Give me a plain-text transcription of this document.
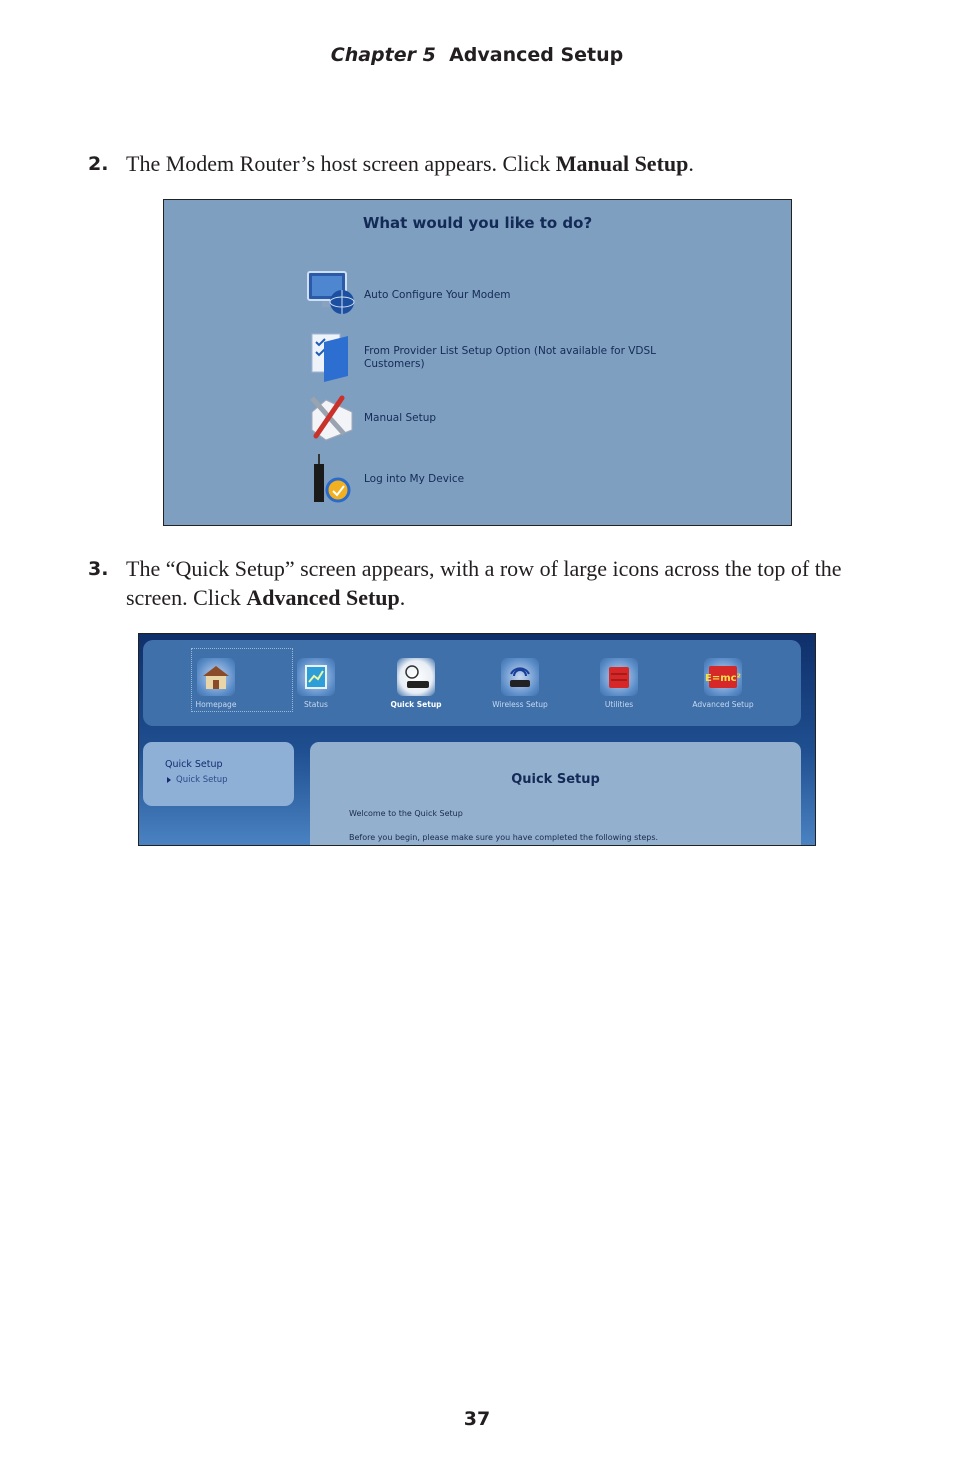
Chapter 5 Advanced Setup
2. The Modem Router’s host screen appears. Click Manual Setup.
What would you like to do?
Auto Configure Your Modem
From Provider List Setup Option (Not available for VDSL Customers)
Manual Setup
Log into My Device
3. The “Quick Setup” screen appears, with a row of large icons across the top of the screen. Click Advanced Setup.
Homepage	Status	Quick Setup	Wireless Setup	Utilities
E=mc²
Advanced Setup
Quick Setup
Quick Setup	Quick Setup
Welcome to the Quick Setup
Before you begin, please make sure you have completed the following steps.
37
